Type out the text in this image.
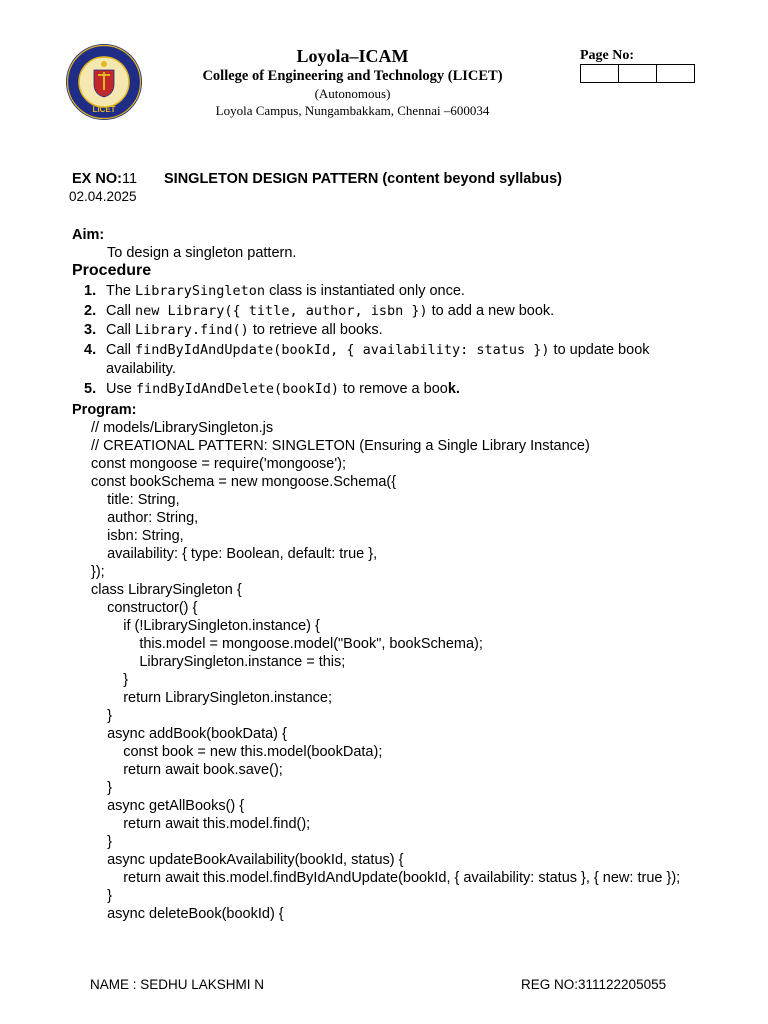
LICET
Loyola–ICAM
College of Engineering and Technology (LICET)
(Autonomous)
Loyola Campus, Nungambakkam, Chennai –600034
Page No:
EX NO:11 SINGLETON DESIGN PATTERN (content beyond syllabus)
02.04.2025
Aim:
To design a singleton pattern.
Procedure
1. The LibrarySingleton class is instantiated only once.
2. Call new Library({ title, author, isbn }) to add a new book.
3. Call Library.find() to retrieve all books.
4. Call findByIdAndUpdate(bookId, { availability: status }) to update book availability.
5. Use findByIdAndDelete(bookId) to remove a book.
Program:
// models/LibrarySingleton.js
// CREATIONAL PATTERN: SINGLETON (Ensuring a Single Library Instance)
const mongoose = require('mongoose');
const bookSchema = new mongoose.Schema({
title: String,
author: String,
isbn: String,
availability: { type: Boolean, default: true },
});
class LibrarySingleton {
constructor() {
if (!LibrarySingleton.instance) {
this.model = mongoose.model("Book", bookSchema);
LibrarySingleton.instance = this;
}
return LibrarySingleton.instance;
}
async addBook(bookData) {
const book = new this.model(bookData);
return await book.save();
}
async getAllBooks() {
return await this.model.find();
}
async updateBookAvailability(bookId, status) {
return await this.model.findByIdAndUpdate(bookId, { availability: status }, { new: true });
}
async deleteBook(bookId) {
NAME : SEDHU LAKSHMI N	REG NO:311122205055
